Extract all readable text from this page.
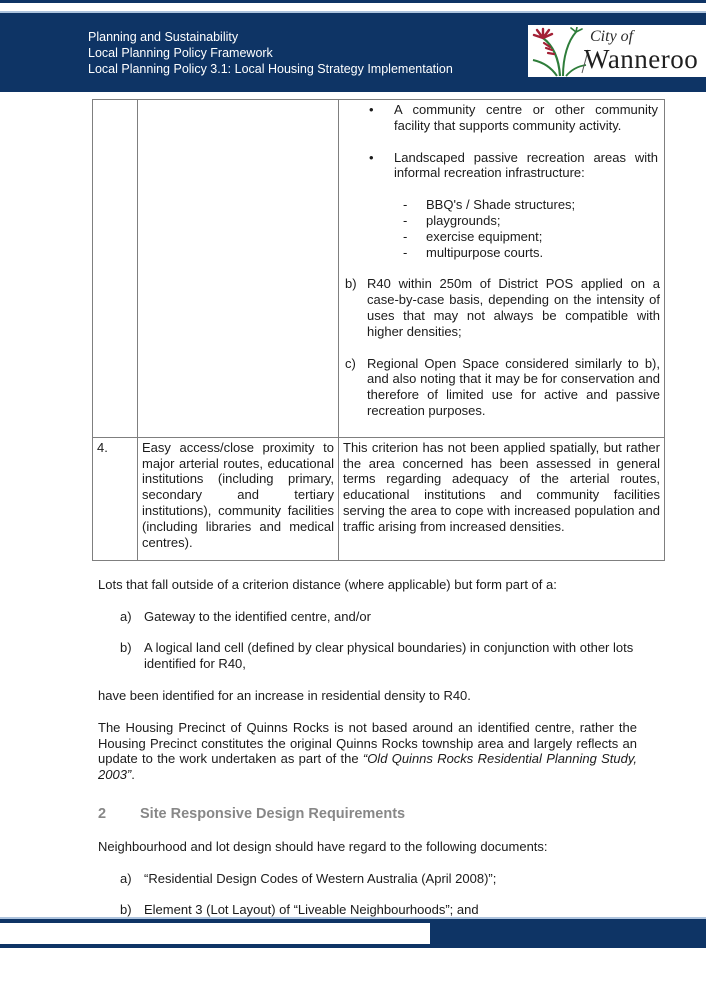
Planning and Sustainability
Local Planning Policy Framework
Local Planning Policy 3.1: Local Housing Strategy Implementation
City of
Wanneroo

•	A community centre or other community facility that supports community activity.
•	Landscaped passive recreation areas with informal recreation infrastructure:
-	BBQ's / Shade structures;
-	playgrounds;
-	exercise equipment;
-	multipurpose courts.
b) R40 within 250m of District POS applied on a case-by-case basis, depending on the intensity of uses that may not always be compatible with higher densities;
c) Regional Open Space considered similarly to b), and also noting that it may be for conservation and therefore of limited use for active and passive recreation purposes.

4.	Easy access/close proximity to major arterial routes, educational institutions (including primary, secondary and tertiary institutions), community facilities (including libraries and medical centres).	This criterion has not been applied spatially, but rather the area concerned has been assessed in general terms regarding adequacy of the arterial routes, educational institutions and community facilities serving the area to cope with increased population and traffic arising from increased densities.
Lots that fall outside of a criterion distance (where applicable) but form part of a:
a) Gateway to the identified centre, and/or
b) A logical land cell (defined by clear physical boundaries) in conjunction with other lots identified for R40,
have been identified for an increase in residential density to R40.
The Housing Precinct of Quinns Rocks is not based around an identified centre, rather the Housing Precinct constitutes the original Quinns Rocks township area and largely reflects an update to the work undertaken as part of the “Old Quinns Rocks Residential Planning Study, 2003”.
2	Site Responsive Design Requirements
Neighbourhood and lot design should have regard to the following documents:
a) “Residential Design Codes of Western Australia (April 2008)”;
b) Element 3 (Lot Layout) of “Liveable Neighbourhoods”; and
